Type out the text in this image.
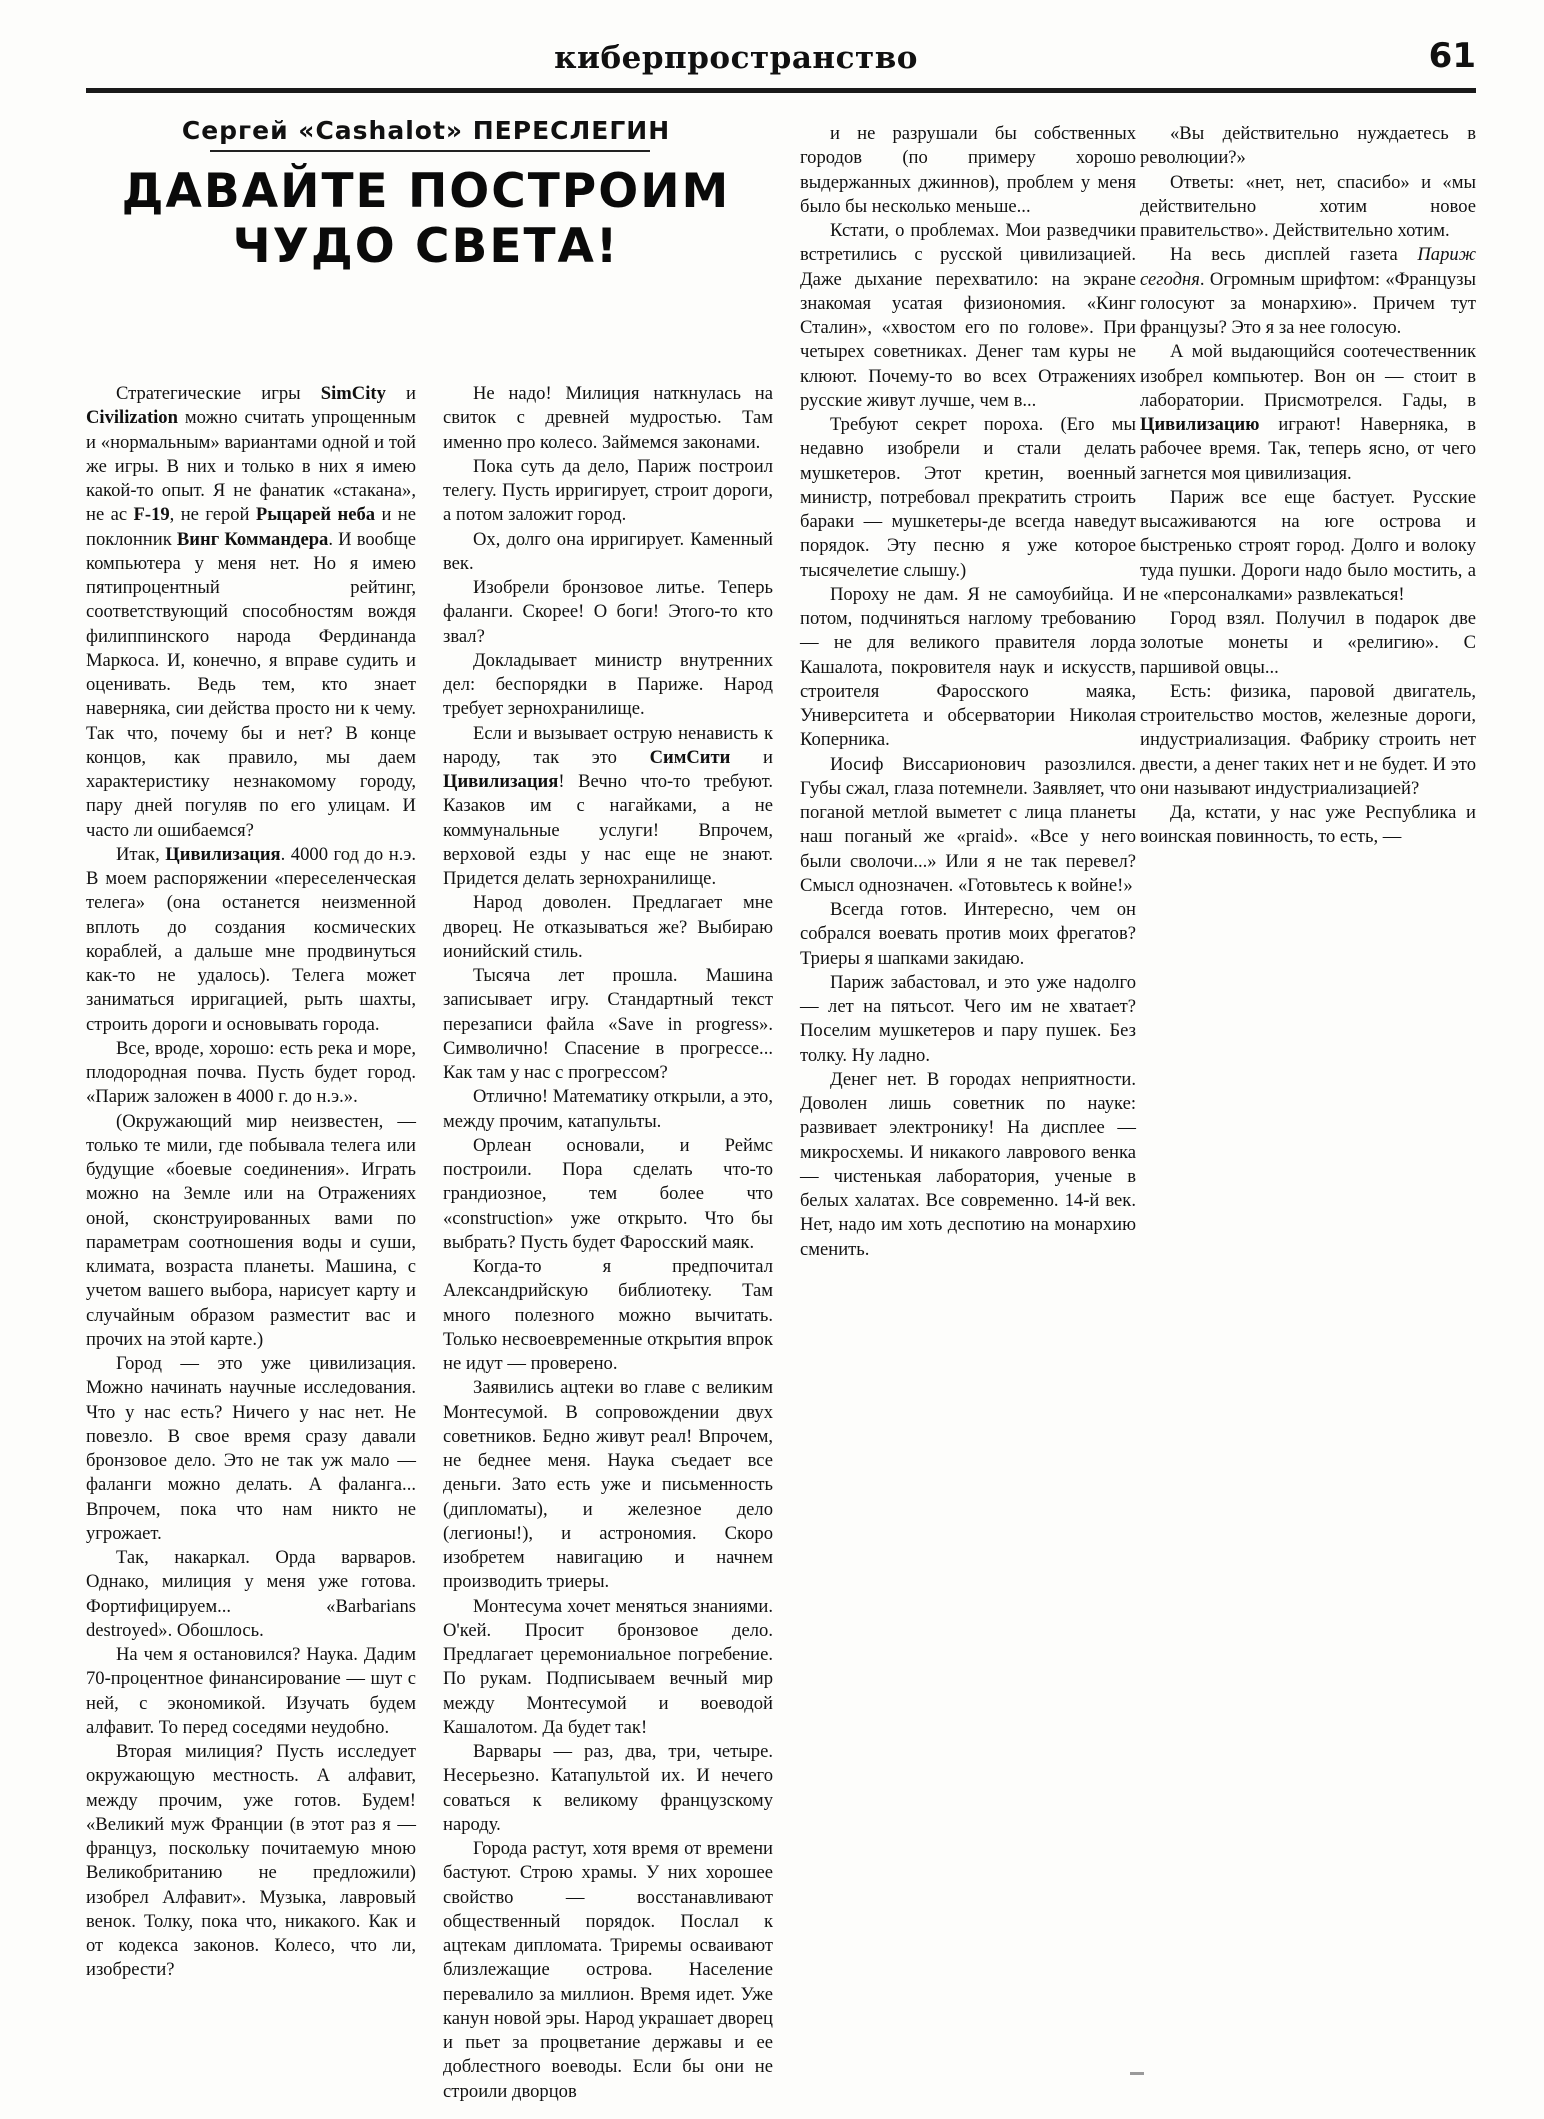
киберпространство	61
Сергей «Cashalot» ПЕРЕСЛЕГИН
ДАВАЙТЕ ПОСТРОИМ
ЧУДО СВЕТА!

Стратегические игры SimCity и Civilization можно считать упрощенным и «нормальным» вариантами одной и той же игры. В них и только в них я имею какой-то опыт. Я не фанатик «стакана», не ас F-19, не герой Рыцарей неба и не поклонник Винг Коммандера. И вообще компьютера у меня нет. Но я имею пятипроцентный рейтинг, соответствующий способностям вождя филиппинского народа Фердинанда Маркоса. И, конечно, я вправе судить и оценивать. Ведь тем, кто знает наверняка, сии действа просто ни к чему. Так что, почему бы и нет? В конце концов, как правило, мы даем характеристику незнакомому городу, пару дней погуляв по его улицам. И часто ли ошибаемся?

Итак, Цивилизация. 4000 год до н.э. В моем распоряжении «переселенческая телега» (она останется неизменной вплоть до создания космических кораблей, а дальше мне продвинуться как-то не удалось). Телега может заниматься ирригацией, рыть шахты, строить дороги и основывать города.

Все, вроде, хорошо: есть река и море, плодородная почва. Пусть будет город. «Париж заложен в 4000 г. до н.э.».

(Окружающий мир неизвестен, — только те мили, где побывала телега или будущие «боевые соединения». Играть можно на Земле или на Отражениях оной, сконструированных вами по параметрам соотношения воды и суши, климата, возраста планеты. Машина, с учетом вашего выбора, нарисует карту и случайным образом разместит вас и прочих на этой карте.)

Город — это уже цивилизация. Можно начинать научные исследования. Что у нас есть? Ничего у нас нет. Не повезло. В свое время сразу давали бронзовое дело. Это не так уж мало — фаланги можно делать. А фаланга... Впрочем, пока что нам никто не угрожает.

Так, накаркал. Орда варваров. Однако, милиция у меня уже готова. Фортифицируем... «Barbarians destroyed». Обошлось.

На чем я остановился? Наука. Дадим 70-процентное финансирование — шут с ней, с экономикой. Изучать будем алфавит. То перед соседями неудобно.

Вторая милиция? Пусть исследует окружающую местность. А алфавит, между прочим, уже готов. Будем! «Великий муж Франции (в этот раз я — француз, поскольку почитаемую мною Великобританию не предложили) изобрел Алфавит». Музыка, лавровый венок. Толку, пока что, никакого. Как и от кодекса законов. Колесо, что ли, изобрести?

Не надо! Милиция наткнулась на свиток с древней мудростью. Там именно про колесо. Займемся законами.

Пока суть да дело, Париж построил телегу. Пусть ирригирует, строит дороги, а потом заложит город.

Ох, долго она ирригирует. Каменный век.

Изобрели бронзовое литье. Теперь фаланги. Скорее! О боги! Этого-то кто звал?

Докладывает министр внутренних дел: беспорядки в Париже. Народ требует зернохранилище.

Если и вызывает острую ненависть к народу, так это СимСити и Цивилизация! Вечно что-то требуют. Казаков им с нагайками, а не коммунальные услуги! Впрочем, верховой езды у нас еще не знают. Придется делать зернохранилище.

Народ доволен. Предлагает мне дворец. Не отказываться же? Выбираю ионийский стиль.

Тысяча лет прошла. Машина записывает игру. Стандартный текст перезаписи файла «Save in progress». Символично! Спасение в прогрессе... Как там у нас с прогрессом?

Отлично! Математику открыли, а это, между прочим, катапульты.

Орлеан основали, и Реймс построили. Пора сделать что-то грандиозное, тем более что «construction» уже открыто. Что бы выбрать? Пусть будет Фаросский маяк.

Когда-то я предпочитал Александрийскую библиотеку. Там много полезного можно вычитать. Только несвоевременные открытия впрок не идут — проверено.

Заявились ацтеки во главе с великим Монтесумой. В сопровождении двух советников. Бедно живут реал! Впрочем, не беднее меня. Наука съедает все деньги. Зато есть уже и письменность (дипломаты), и железное дело (легионы!), и астрономия. Скоро изобретем навигацию и начнем производить триеры.

Монтесума хочет меняться знаниями. О'кей. Просит бронзовое дело. Предлагает церемониальное погребение. По рукам. Подписываем вечный мир между Монтесумой и воеводой Кашалотом. Да будет так!

Варвары — раз, два, три, четыре. Несерьезно. Катапультой их. И нечего соваться к великому французскому народу.

Города растут, хотя время от времени бастуют. Строю храмы. У них хорошее свойство — восстанавливают общественный порядок. Послал к ацтекам дипломата. Триремы осваивают близлежащие острова. Население перевалило за миллион. Время идет. Уже канун новой эры. Народ украшает дворец и пьет за процветание державы и ее доблестного воеводы. Если бы они не строили дворцов

и не разрушали бы собственных городов (по примеру хорошо выдержанных джиннов), проблем у меня было бы несколько меньше...

Кстати, о проблемах. Мои разведчики встретились с русской цивилизацией. Даже дыхание перехватило: на экране знакомая усатая физиономия. «Кинг Сталин», «хвостом его по голове». При четырех советниках. Денег там куры не клюют. Почему-то во всех Отражениях русские живут лучше, чем в...

Требуют секрет пороха. (Его мы недавно изобрели и стали делать мушкетеров. Этот кретин, военный министр, потребовал прекратить строить бараки — мушкетеры-де всегда наведут порядок. Эту песню я уже которое тысячелетие слышу.)

Пороху не дам. Я не самоубийца. И потом, подчиняться наглому требованию — не для великого правителя лорда Кашалота, покровителя наук и искусств, строителя Фаросского маяка, Университета и обсерватории Николая Коперника.

Иосиф Виссарионович разозлился. Губы сжал, глаза потемнели. Заявляет, что поганой метлой выметет с лица планеты наш поганый же «praid». «Все у него были сволочи...» Или я не так перевел? Смысл однозначен. «Готовьтесь к войне!»

Всегда готов. Интересно, чем он собрался воевать против моих фрегатов? Триеры я шапками закидаю.

Париж забастовал, и это уже надолго — лет на пятьсот. Чего им не хватает? Поселим мушкетеров и пару пушек. Без толку. Ну ладно.

Денег нет. В городах неприятности. Доволен лишь советник по науке: развивает электронику! На дисплее — микросхемы. И никакого лаврового венка — чистенькая лаборатория, ученые в белых халатах. Все современно. 14-й век. Нет, надо им хоть деспотию на монархию сменить.

«Вы действительно нуждаетесь в революции?»

Ответы: «нет, нет, спасибо» и «мы действительно хотим новое правительство». Действительно хотим.

На весь дисплей газета Париж сегодня. Огромным шрифтом: «Французы голосуют за монархию». Причем тут французы? Это я за нее голосую.

А мой выдающийся соотечественник изобрел компьютер. Вон он — стоит в лаборатории. Присмотрелся. Гады, в Цивилизацию играют! Наверняка, в рабочее время. Так, теперь ясно, от чего загнется моя цивилизация.

Париж все еще бастует. Русские высаживаются на юге острова и быстренько строят город. Долго и волоку туда пушки. Дороги надо было мостить, а не «персоналками» развлекаться!

Город взял. Получил в подарок две золотые монеты и «религию». С паршивой овцы...

Есть: физика, паровой двигатель, строительство мостов, железные дороги, индустриализация. Фабрику строить нет двести, а денег таких нет и не будет. И это они называют индустриализацией?

Да, кстати, у нас уже Республика и воинская повинность, то есть, —
